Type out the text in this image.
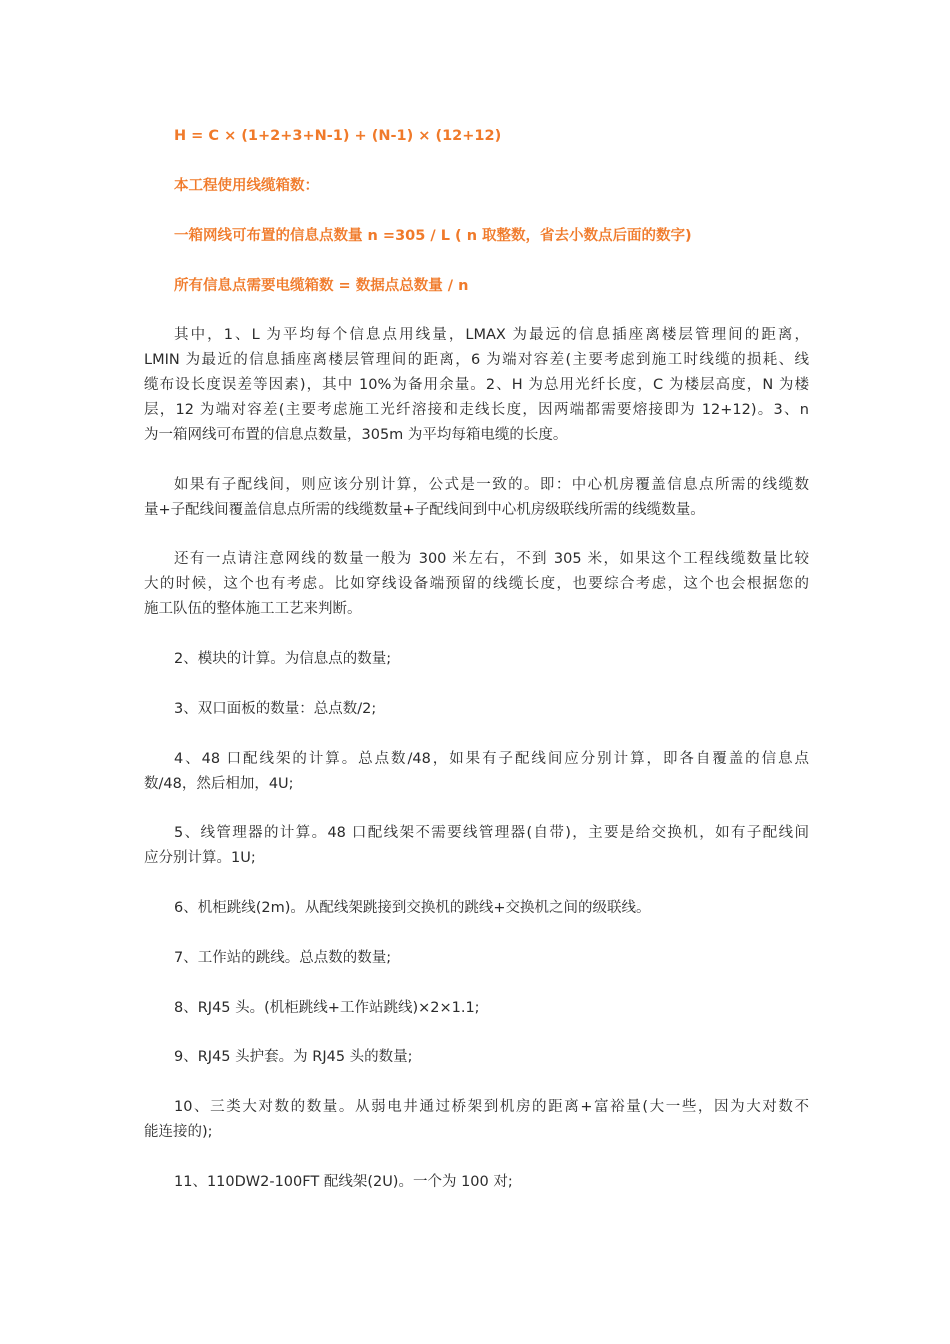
H = C × (1+2+3+N-1) + (N-1) × (12+12)

本工程使用线缆箱数：

一箱网线可布置的信息点数量 n =305 / L ( n 取整数，省去小数点后面的数字)

所有信息点需要电缆箱数 = 数据点总数量 / n

其中，1、L 为平均每个信息点用线量，LMAX 为最远的信息插座离楼层管理间的距离，

LMIN 为最近的信息插座离楼层管理间的距离，6 为端对容差(主要考虑到施工时线缆的损耗、线

缆布设长度误差等因素)，其中 10%为备用余量。2、H 为总用光纤长度，C 为楼层高度，N 为楼

层，12 为端对容差(主要考虑施工光纤溶接和走线长度，因两端都需要熔接即为 12+12)。3、n

为一箱网线可布置的信息点数量，305m 为平均每箱电缆的长度。

如果有子配线间，则应该分别计算，公式是一致的。即：中心机房覆盖信息点所需的线缆数

量+子配线间覆盖信息点所需的线缆数量+子配线间到中心机房级联线所需的线缆数量。

还有一点请注意网线的数量一般为 300 米左右，不到 305 米，如果这个工程线缆数量比较

大的时候，这个也有考虑。比如穿线设备端预留的线缆长度，也要综合考虑，这个也会根据您的

施工队伍的整体施工工艺来判断。

2、模块的计算。为信息点的数量;

3、双口面板的数量：总点数/2;

4、48 口配线架的计算。总点数/48，如果有子配线间应分别计算，即各自覆盖的信息点

数/48，然后相加，4U;

5、线管理器的计算。48 口配线架不需要线管理器(自带)，主要是给交换机，如有子配线间

应分别计算。1U;

6、机柜跳线(2m)。从配线架跳接到交换机的跳线+交换机之间的级联线。

7、工作站的跳线。总点数的数量;

8、RJ45 头。(机柜跳线+工作站跳线)×2×1.1;

9、RJ45 头护套。为 RJ45 头的数量;

10、三类大对数的数量。从弱电井通过桥架到机房的距离+富裕量(大一些，因为大对数不

能连接的);

11、110DW2-100FT 配线架(2U)。一个为 100 对;
